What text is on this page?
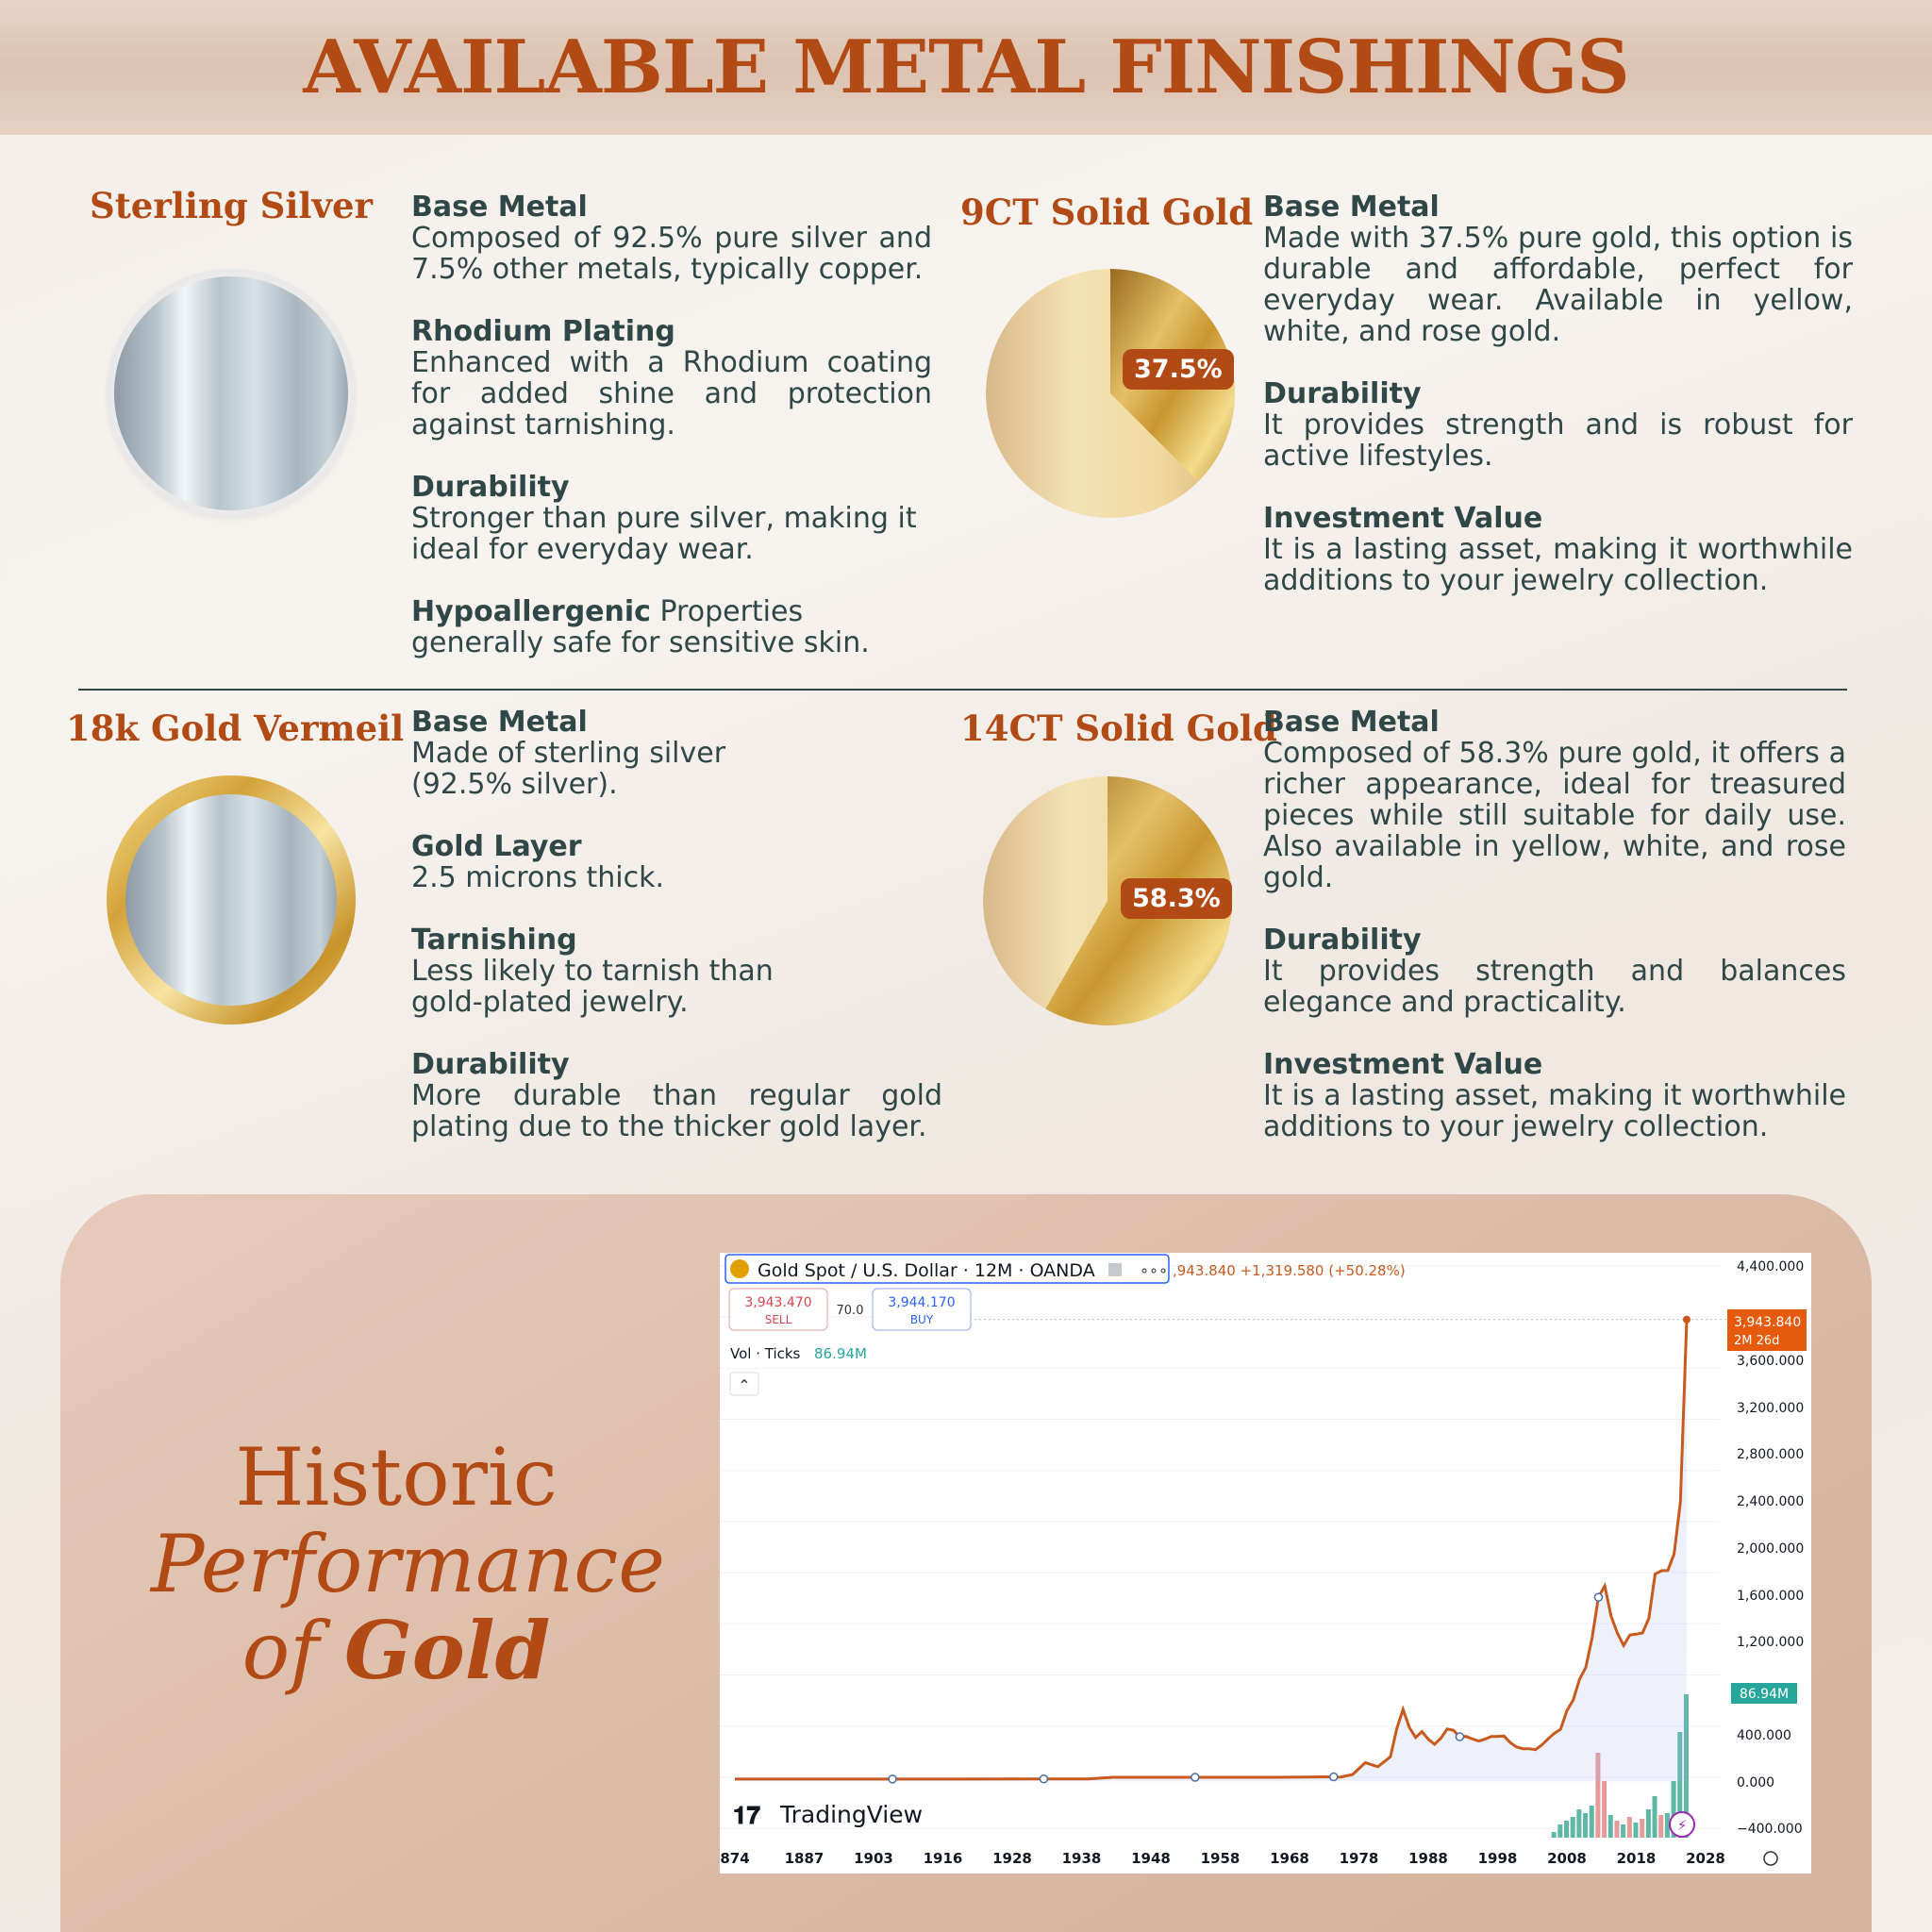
AVAILABLE METAL FINISHINGS
Sterling Silver Base Metal
Composed of 92.5% pure silver and 7.5% other metals, typically copper.
Rhodium Plating
Enhanced with a Rhodium coating for added shine and protection against tarnishing.
Durability
Stronger than pure silver, making it ideal for everyday wear.
Hypoallergenic Properties
generally safe for sensitive skin.
9CT Solid Gold
37.5%
Base Metal
Made with 37.5% pure gold, this option is durable and affordable, perfect for everyday wear. Available in yellow, white, and rose gold.
Durability
It provides strength and is robust for active lifestyles.
Investment Value
It is a lasting asset, making it worthwhile additions to your jewelry collection.
18k Gold Vermeil Base Metal
Made of sterling silver (92.5% silver).
Gold Layer
2.5 microns thick.
Tarnishing
Less likely to tarnish than gold-plated jewelry.
Durability
More durable than regular gold plating due to the thicker gold layer.
14CT Solid Gold
58.3%
Base Metal
Composed of 58.3% pure gold, it offers a richer appearance, ideal for treasured pieces while still suitable for daily use. Also available in yellow, white, and rose gold.
Durability
It provides strength and balances elegance and practicality.
Investment Value
It is a lasting asset, making it worthwhile additions to your jewelry collection.
Historic
Performance
of Gold
4,400.000
3,600.000
3,200.000
2,800.000
2,400.000
2,000.000
1,600.000
1,200.000
400.000
0.000
−400.000
874 1887 1903 1916 1928 1938 1948 1958 1968 1978 1988 1998 2008 2018 2028
Gold Spot / U.S. Dollar · 12M · OANDA	∘∘∘ ,943.840 +1,319.580 (+50.28%)
3,943.470
SELL
70.0
3,944.170
BUY
Vol · Ticks 86.94M
⌃
3,943.840
2M 26d
86.94M
𝟏𝟕 TradingView	⚡
